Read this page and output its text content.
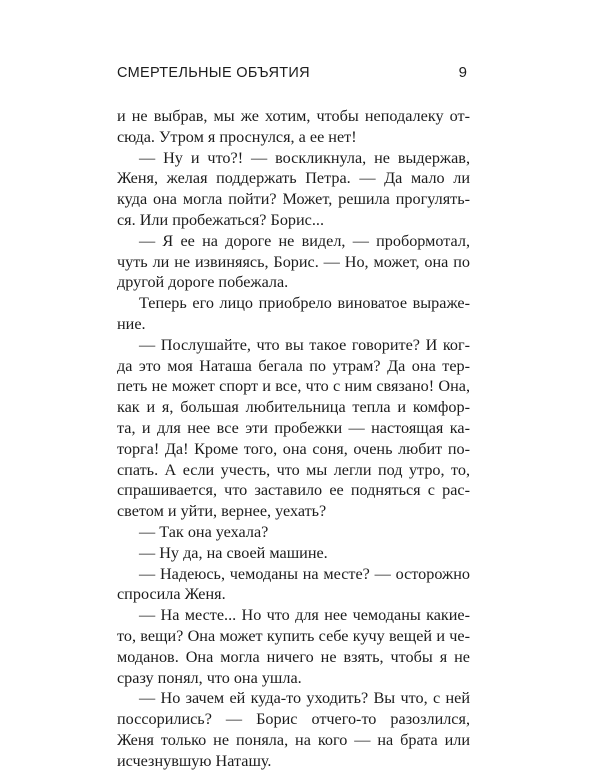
СМЕРТЕЛЬНЫЕ ОБЪЯТИЯ	9
и не выбрав, мы же хотим, чтобы неподалеку от-
сюда. Утром я проснулся, а ее нет!
— Ну и что?! — воскликнула, не выдержав,
Женя, желая поддержать Петра. — Да мало ли
куда она могла пойти? Может, решила прогулять-
ся. Или пробежаться? Борис...
— Я ее на дороге не видел, — пробормотал,
чуть ли не извиняясь, Борис. — Но, может, она по
другой дороге побежала.
Теперь его лицо приобрело виноватое выраже-
ние.
— Послушайте, что вы такое говорите? И ког-
да это моя Наташа бегала по утрам? Да она тер-
петь не может спорт и все, что с ним связано! Она,
как и я, большая любительница тепла и комфор-
та, и для нее все эти пробежки — настоящая ка-
торга! Да! Кроме того, она соня, очень любит по-
спать. А если учесть, что мы легли под утро, то,
спрашивается, что заставило ее подняться с рас-
светом и уйти, вернее, уехать?
— Так она уехала?
— Ну да, на своей машине.
— Надеюсь, чемоданы на месте? — осторожно
спросила Женя.
— На месте... Но что для нее чемоданы какие-
то, вещи? Она может купить себе кучу вещей и че-
моданов. Она могла ничего не взять, чтобы я не
сразу понял, что она ушла.
— Но зачем ей куда-то уходить? Вы что, с ней
поссорились? — Борис отчего-то разозлился,
Женя только не поняла, на кого — на брата или
исчезнувшую Наташу.
